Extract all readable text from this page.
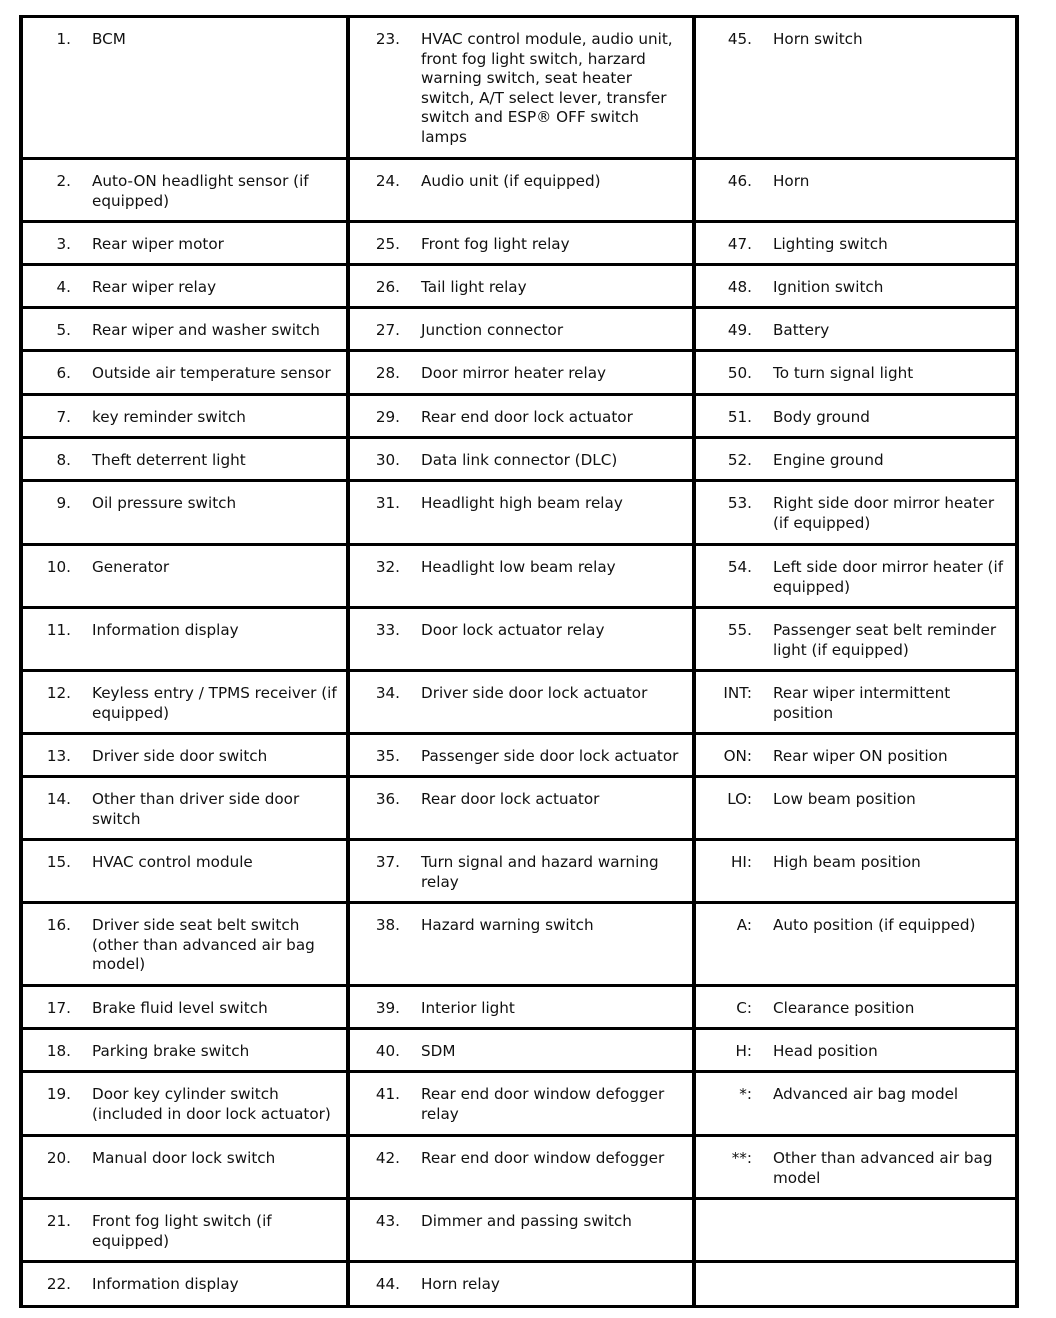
1. BCM	23. HVAC control module, audio unit, front fog light switch, harzard warning switch, seat heater switch, A/T select lever, transfer switch and ESP® OFF switch lamps	45. Horn switch

2. Auto-ON headlight sensor (if equipped)	24. Audio unit (if equipped)	46. Horn

3. Rear wiper motor	25. Front fog light relay	47. Lighting switch

4. Rear wiper relay	26. Tail light relay	48. Ignition switch

5. Rear wiper and washer switch	27. Junction connector	49. Battery

6. Outside air temperature sensor	28. Door mirror heater relay	50. To turn signal light

7. key reminder switch	29. Rear end door lock actuator	51. Body ground

8. Theft deterrent light	30. Data link connector (DLC)	52. Engine ground

9. Oil pressure switch	31. Headlight high beam relay	53. Right side door mirror heater (if equipped)

10. Generator	32. Headlight low beam relay	54. Left side door mirror heater (if equipped)

11. Information display	33. Door lock actuator relay	55. Passenger seat belt reminder light (if equipped)

12. Keyless entry / TPMS receiver (if equipped)	34. Driver side door lock actuator	INT: Rear wiper intermittent position

13. Driver side door switch	35. Passenger side door lock actuator	ON: Rear wiper ON position

14. Other than driver side door switch	36. Rear door lock actuator	LO: Low beam position

15. HVAC control module	37. Turn signal and hazard warning relay	HI: High beam position

16. Driver side seat belt switch (other than advanced air bag model)	38. Hazard warning switch	A: Auto position (if equipped)

17. Brake fluid level switch	39. Interior light	C: Clearance position

18. Parking brake switch	40. SDM	H: Head position

19. Door key cylinder switch (included in door lock actuator)	41. Rear end door window defogger relay	*: Advanced air bag model

20. Manual door lock switch	42. Rear end door window defogger	**: Other than advanced air bag model

21. Front fog light switch (if equipped)	43. Dimmer and passing switch	

22. Information display	44. Horn relay	
